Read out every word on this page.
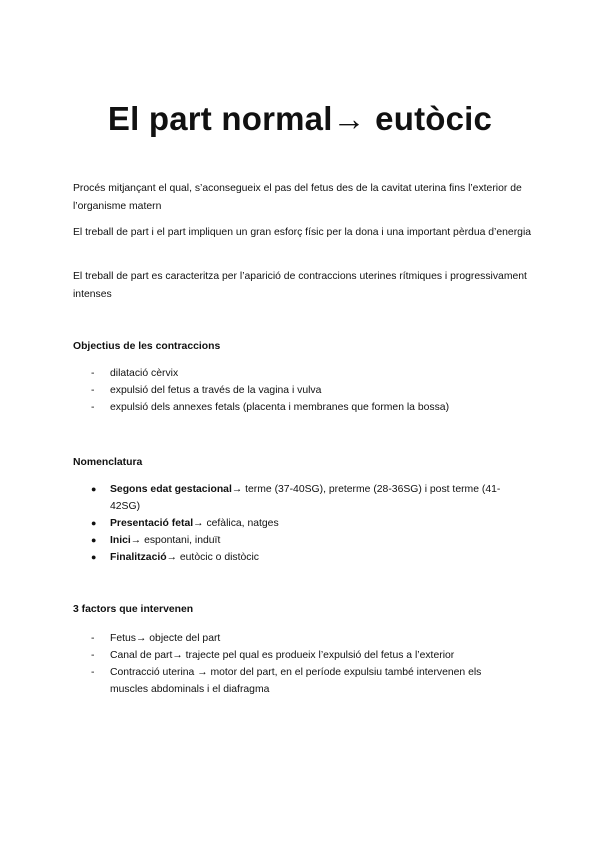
El part normal→ eutòcic

Procés mitjançant el qual, s’aconsegueix el pas del fetus des de la cavitat uterina fins l’exterior de l’organisme matern

El treball de part i el part impliquen un gran esforç físic per la dona i una important pèrdua d’energia

El treball de part es caracteritza per l’aparició de contraccions uterines rítmiques i progressivament intenses

Objectius de les contraccions

- dilatació cèrvix
- expulsió del fetus a través de la vagina i vulva
- expulsió dels annexes fetals (placenta i membranes que formen la bossa)

Nomenclatura

● Segons edat gestacional→ terme (37-40SG), preterme (28-36SG) i post terme (41-42SG)
● Presentació fetal→ cefàlica, natges
● Inici→ espontani, induït
● Finalització→ eutòcic o distòcic

3 factors que intervenen

- Fetus→ objecte del part
- Canal de part→ trajecte pel qual es produeix l’expulsió del fetus a l’exterior
- Contracció uterina → motor del part, en el període expulsiu també intervenen els muscles abdominals i el diafragma
